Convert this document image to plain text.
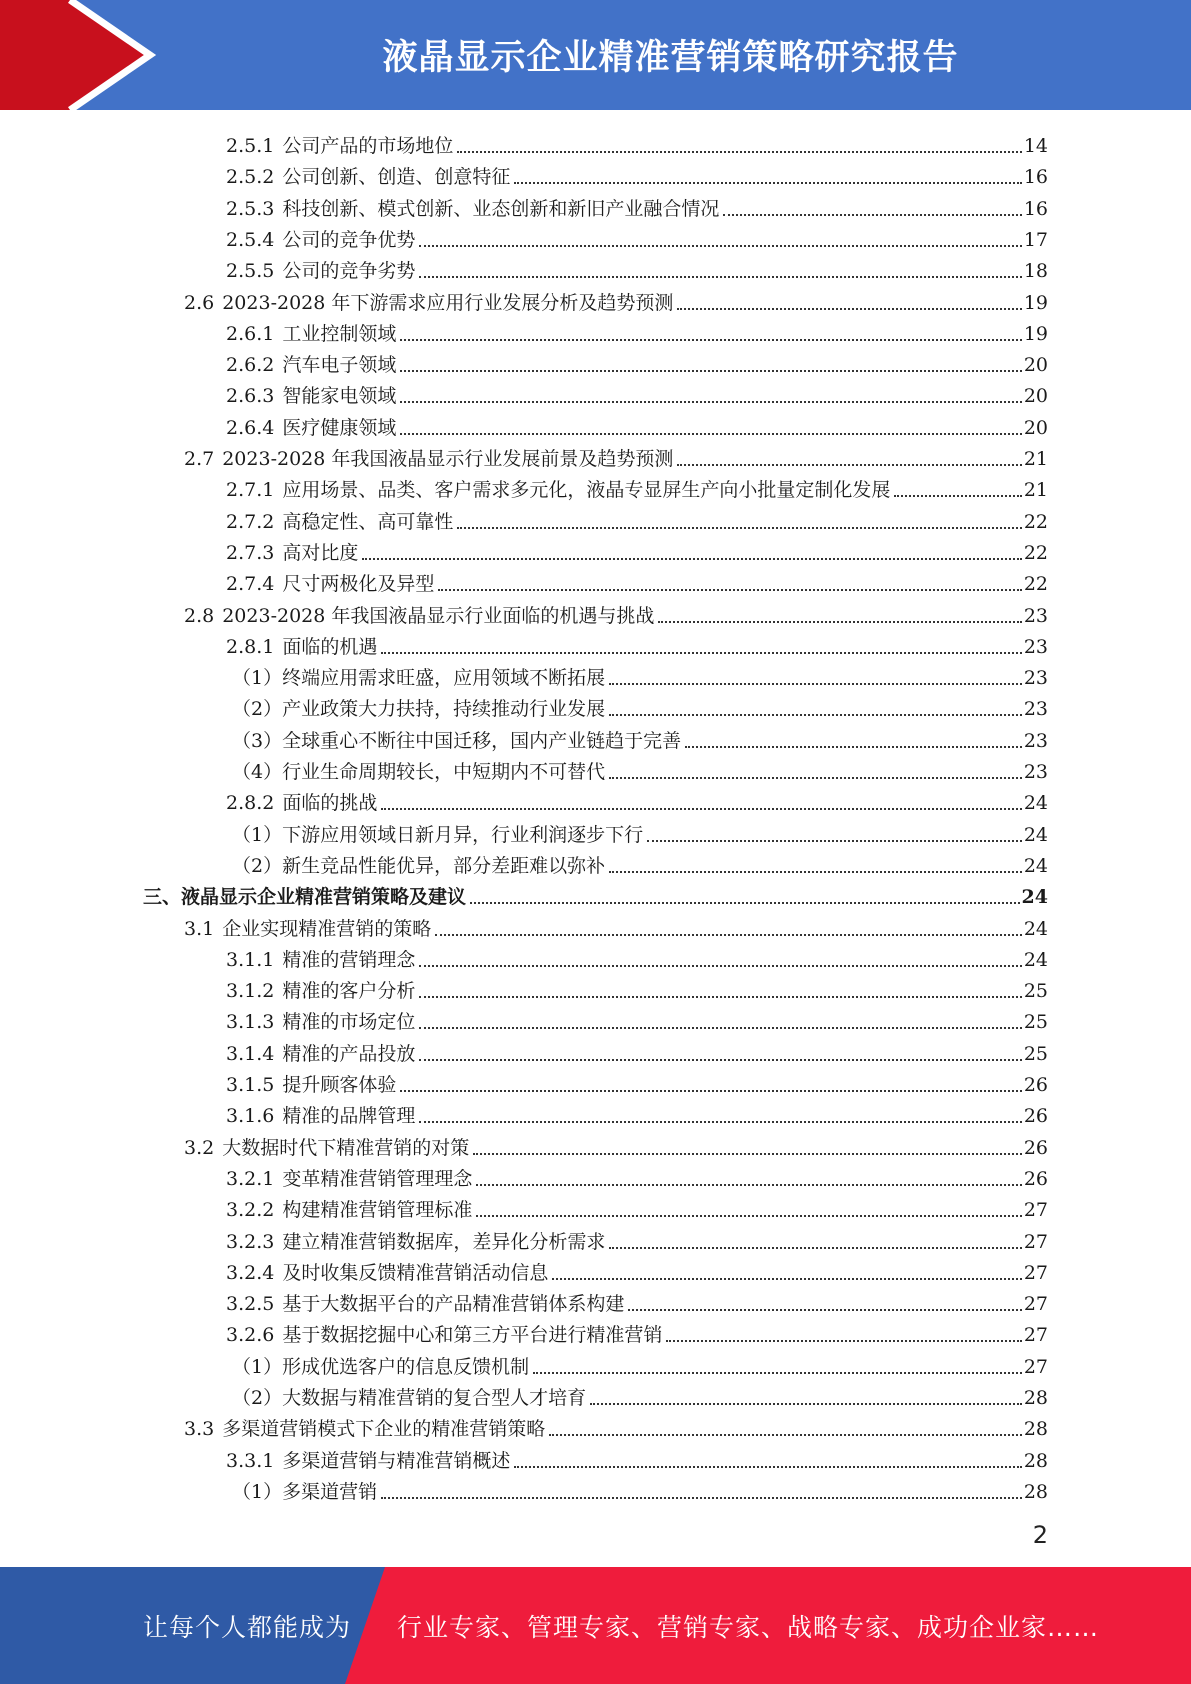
液晶显示企业精准营销策略研究报告
2.5.1 公司产品的市场地位	14
2.5.2 公司创新、创造、创意特征	16
2.5.3 科技创新、模式创新、业态创新和新旧产业融合情况	16
2.5.4 公司的竞争优势	17
2.5.5 公司的竞争劣势	18
2.6 2023-2028 年下游需求应用行业发展分析及趋势预测	19
2.6.1 工业控制领域	19
2.6.2 汽车电子领域	20
2.6.3 智能家电领域	20
2.6.4 医疗健康领域	20
2.7 2023-2028 年我国液晶显示行业发展前景及趋势预测	21
2.7.1 应用场景、品类、客户需求多元化，液晶专显屏生产向小批量定制化发展	21
2.7.2 高稳定性、高可靠性	22
2.7.3 高对比度	22
2.7.4 尺寸两极化及异型	22
2.8 2023-2028 年我国液晶显示行业面临的机遇与挑战	23
2.8.1 面临的机遇	23
（1） 终端应用需求旺盛，应用领域不断拓展	23
（2） 产业政策大力扶持，持续推动行业发展	23
（3） 全球重心不断往中国迁移，国内产业链趋于完善	23
（4） 行业生命周期较长，中短期内不可替代	23
2.8.2 面临的挑战	24
（1） 下游应用领域日新月异，行业利润逐步下行	24
（2） 新生竞品性能优异，部分差距难以弥补	24
三、 液晶显示企业精准营销策略及建议	24
3.1 企业实现精准营销的策略	24
3.1.1 精准的营销理念	24
3.1.2 精准的客户分析	25
3.1.3 精准的市场定位	25
3.1.4 精准的产品投放	25
3.1.5 提升顾客体验	26
3.1.6 精准的品牌管理	26
3.2 大数据时代下精准营销的对策	26
3.2.1 变革精准营销管理理念	26
3.2.2 构建精准营销管理标准	27
3.2.3 建立精准营销数据库，差异化分析需求	27
3.2.4 及时收集反馈精准营销活动信息	27
3.2.5 基于大数据平台的产品精准营销体系构建	27
3.2.6 基于数据挖掘中心和第三方平台进行精准营销	27
（1） 形成优选客户的信息反馈机制	27
（2） 大数据与精准营销的复合型人才培育	28
3.3 多渠道营销模式下企业的精准营销策略	28
3.3.1 多渠道营销与精准营销概述	28
（1） 多渠道营销	28
2
让每个人都能成为 行业专家、管理专家、营销专家、战略专家、成功企业家……
